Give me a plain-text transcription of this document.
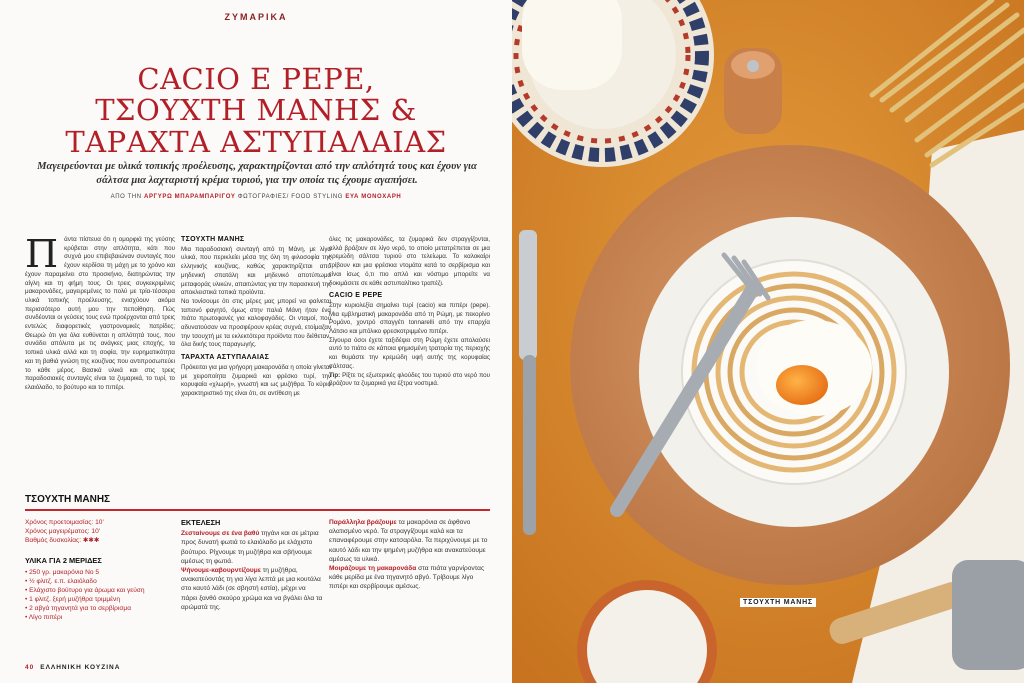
ΖΥΜΑΡΙΚΑ
CACIO E PEPE,
ΤΣΟΥΧΤΗ ΜΑΝΗΣ &
ΤΑΡΑΧΤΑ ΑΣΤΥΠΑΛΑΙΑΣ
Μαγειρεύονται με υλικά τοπικής προέλευσης, χαρακτηρίζονται από την απλότητά τους και έχουν για σάλτσα μια λαχταριστή κρέμα τυριού, για την οποία τις έχουμε αγαπήσει.
ΑΠΟ ΤΗΝ ΑΡΓΥΡΩ ΜΠΑΡΑΜΠΑΡΙΓΟΥ ΦΩΤΟΓΡΑΦΙΕΣ/ FOOD STYLING ΕΥΑ ΜΟΝΟΧΑΡΗ
Π άντα πίστευα ότι η ομορφιά της γεύσης κρύβεται στην απλότητα, κάτι που συχνά μου επιβεβαιώναν συνταγές που έχουν κερδίσει τη μάχη με το χρόνο και έχουν παραμείνει στο προσκήνιο, διατηρώντας την αίγλη και τη φήμη τους. Οι τρεις συγκεκριμένες μακαρονάδες, μαγειρεμένες το πολύ με τρία-τέσσερα υλικά τοπικής προέλευσης, ενισχύουν ακόμα περισσότερο αυτή μου την πεποίθηση. Πώς συνδέονται οι γεύσεις τους ενώ προέρχονται από τρεις εντελώς διαφορετικές γαστρονομικές πατρίδες; Θεωρώ ότι για όλα ευθύνεται η απλότητά τους, που συνάδει απόλυτα με τις ανάγκες μιας εποχής, τα τοπικά υλικά αλλά και τη σοφία, την ευρηματικότητα και τη βαθιά γνώση της κουζίνας που αντιπροσωπεύει το κάθε μέρος. Βασικά υλικά και στις τρεις παραδοσιακές συνταγές είναι τα ζυμαρικά, το τυρί, το ελαιόλαδο, το βούτυρο και το πιπέρι.

ΤΣΟΥΧΤΗ ΜΑΝΗΣ

Μια παραδοσιακή συνταγή από τη Μάνη, με λίγα υλικά, που περικλείει μέσα της όλη τη φιλοσοφία της ελληνικής κουζίνας, καθώς χαρακτηρίζεται από μηδενική σπατάλη και μηδενικό αποτύπωμα μεταφοράς υλικών, απαιτώντας για την παρασκευή της αποκλειστικά τοπικά προϊόντα.

Να τονίσουμε ότι στις μέρες μας μπορεί να φαίνεται ταπεινό φαγητό, όμως στην παλιά Μάνη ήταν ένα πιάτο πρωτοφανές για καλοφαγάδες. Οι νταμοί, που αδυνατούσαν να προσφέρουν κρέας συχνά, ετοίμαζαν την τσουχτή με τα εκλεκτότερα προϊόντα που διέθεταν, όλα δικής τους παραγωγής.

ΤΑΡΑΧΤΑ ΑΣΤΥΠΑΛΑΙΑΣ

Πρόκειται για μια γρήγορη μακαρονάδα η οποία γίνεται με χειροποίητα ζυμαρικά και φρέσκο τυρί, την κορυφαία «χλωρή», γνωστή και ως μυζήθρα. Το κύριο χαρακτηριστικό της είναι ότι, σε αντίθεση με

όλες τις μακαρονάδες, τα ζυμαρικά δεν στραγγίζονται, αλλά βράζουν σε λίγο νερό, το οποίο μετατρέπεται σε μια κρεμώδη σάλτσα τυριού στο τελείωμα. Το καλοκαίρι τρίβουν και μια φρέσκια ντομάτα κατά το σερβίρισμα και είναι ίσως ό,τι πιο απλό και νόστιμο μπορείτε να δοκιμάσετε σε κάθε αστυπαλίτικο τραπέζι.

CACIO E PEPE

Στην κυριολεξία σημαίνει τυρί (cacio) και πιπέρι (pepe). Μια εμβληματική μακαρονάδα από τη Ρώμη, με πεκορίνο Ρομάνο, χοντρό σπαγγέτι tonnarelli από την επαρχία Λάτσιο και μπόλικο φρεσκοτριμμένο πιπέρι.

Σίγουρα όσοι έχετε ταξιδέψει στη Ρώμη έχετε απολαύσει αυτό το πιάτο σε κάποια φημισμένη τρατορία της περιοχής και θυμάστε την κρεμώδη υφή αυτής της κορυφαίας σάλτσας.

Tip: Ρίξτε τις εξωτερικές φλούδες του τυριού στο νερό που βράζουν τα ζυμαρικά για έξτρα νοστιμιά.

ΤΣΟΥΧΤΗ ΜΑΝΗΣ
Χρόνος προετοιμασίας: 10'
Χρόνος μαγειρέματος: 10'
Βαθμός δυσκολίας: ✱✱✱
ΥΛΙΚΑ ΓΙΑ 2 ΜΕΡΙΔΕΣ
• 250 γρ. μακαρόνια Νο 5
• ½ φλιτζ. ε.π. ελαιόλαδο
• Ελάχιστο βούτυρο για άρωμα και γεύση
• 1 φλιτζ. ξερή μυζήθρα τριμμένη
• 2 αβγά τηγανητά για το σερβίρισμα
• Λίγο πιπέρι
ΕΚΤΕΛΕΣΗ

Ζεσταίνουμε σε ένα βαθύ τηγάνι και σε μέτρια προς δυνατή φωτιά το ελαιόλαδο με ελάχιστο βούτυρο. Ρίχνουμε τη μυζήθρα και σβήνουμε αμέσως τη φωτιά.

Ψήνουμε-καβουρντίζουμε τη μυζήθρα, ανακατεύοντάς τη για λίγα λεπτά με μια κουτάλα στο καυτό λάδι (σε σβηστή εστία), μέχρι να πάρει ξανθό σκούρο χρώμα και να βγάλει όλα τα αρώματά της.

Παράλληλα βράζουμε τα μακαρόνια σε άφθονο αλατισμένο νερό. Τα στραγγίζουμε καλά και τα επαναφέρουμε στην κατσαρόλα. Τα περιχύνουμε με το καυτό λάδι και την ψημένη μυζήθρα και ανακατεύουμε αμέσως τα υλικά.

Μοιράζουμε τη μακαρονάδα στα πιάτα γαρνίροντας κάθε μερίδα με ένα τηγανητό αβγό. Τρίβουμε λίγο πιπέρι και σερβίρουμε αμέσως.

40 ΕΛΛΗΝΙΚΗ ΚΟΥΖΙΝΑ
ΤΣΟΥΧΤΗ ΜΑΝΗΣ
